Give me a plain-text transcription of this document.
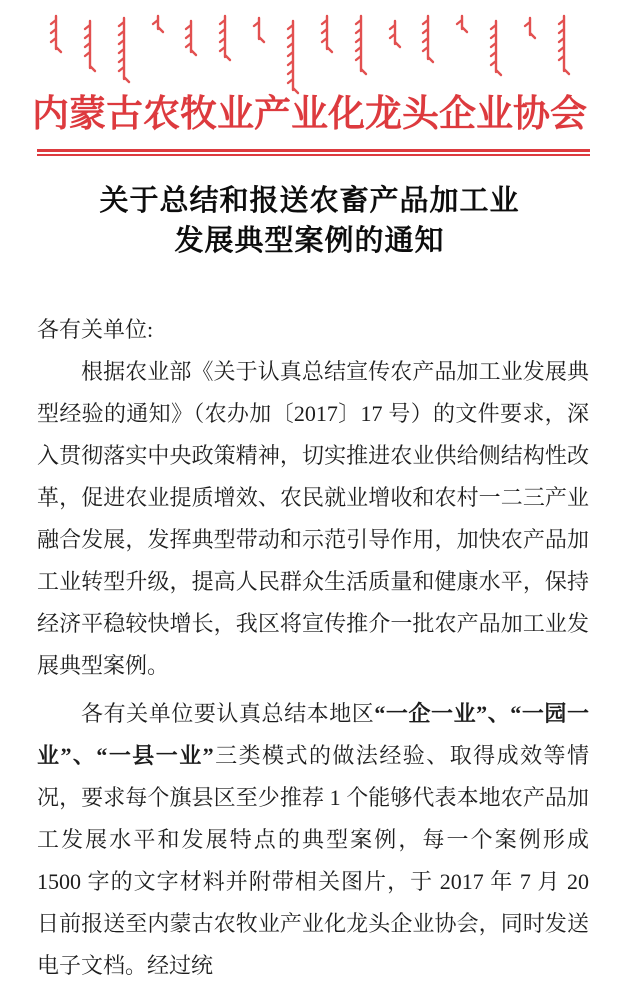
内蒙古农牧业产业化龙头企业协会
关于总结和报送农畜产品加工业
发展典型案例的通知

各有关单位:

根据农业部《关于认真总结宣传农产品加工业发展典型经验的通知》（农办加〔2017〕17 号）的文件要求，深入贯彻落实中央政策精神，切实推进农业供给侧结构性改革，促进农业提质增效、农民就业增收和农村一二三产业融合发展，发挥典型带动和示范引导作用，加快农产品加工业转型升级，提高人民群众生活质量和健康水平，保持经济平稳较快增长，我区将宣传推介一批农产品加工业发展典型案例。

各有关单位要认真总结本地区“一企一业”、“一园一业”、“一县一业”三类模式的做法经验、取得成效等情况，要求每个旗县区至少推荐 1 个能够代表本地农产品加工发展水平和发展特点的典型案例，每一个案例形成 1500 字的文字材料并附带相关图片，于 2017 年 7 月 20 日前报送至内蒙古农牧业产业化龙头企业协会，同时发送电子文档。经过统
